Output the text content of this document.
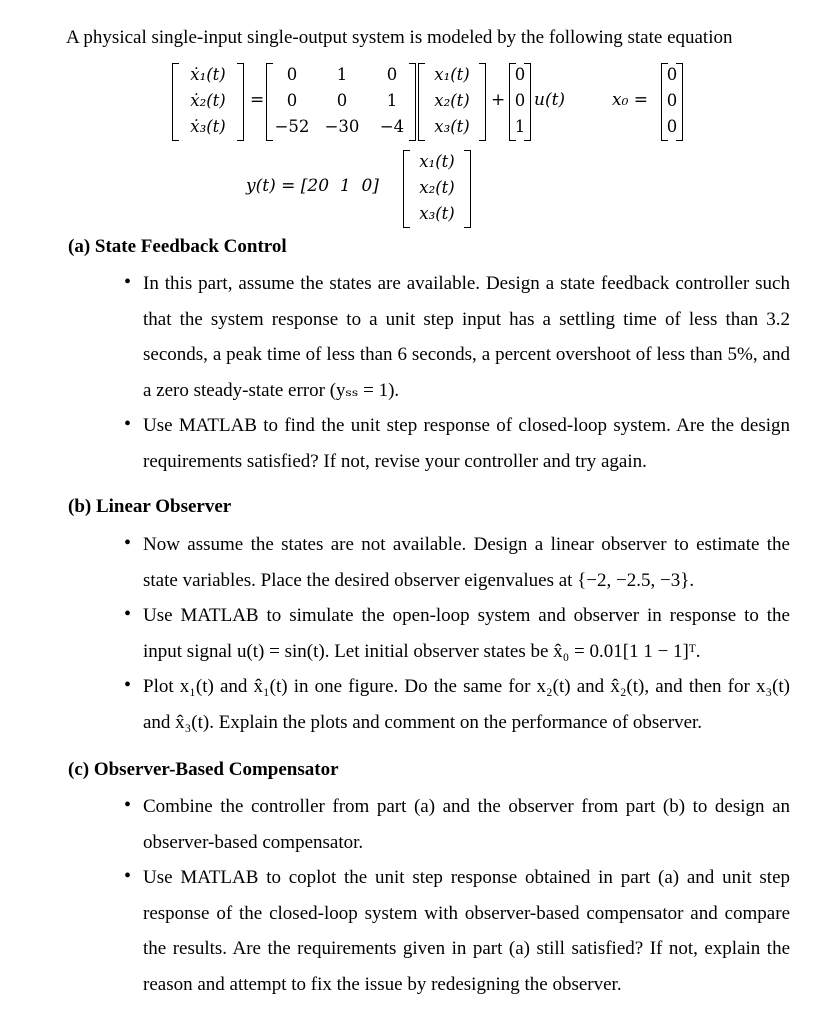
A physical single-input single-output system is modeled by the following state equation
ẋ₁(t)
ẋ₂(t)
ẋ₃(t)
=
0	1	0
0	0	1
−52 −30	−4
x₁(t)
x₂(t)
x₃(t)
+
0
0
1
u(t)	x₀ =
0
0
0
y(t) = [20  1  0]
x₁(t)
x₂(t)
x₃(t)
(a) State Feedback Control
• In this part, assume the states are available. Design a state feedback controller such that the system response to a unit step input has a settling time of less than 3.2 seconds, a peak time of less than 6 seconds, a percent overshoot of less than 5%, and a zero steady-state error (yₛₛ = 1).
• Use MATLAB to find the unit step response of closed-loop system. Are the design requirements satisfied? If not, revise your controller and try again.
(b) Linear Observer
• Now assume the states are not available. Design a linear observer to estimate the state variables. Place the desired observer eigenvalues at {−2, −2.5, −3}.
• Use MATLAB to simulate the open-loop system and observer in response to the input signal u(t) = sin(t). Let initial observer states be x̂₀ = 0.01[1 1 − 1]ᵀ.
• Plot x₁(t) and x̂₁(t) in one figure. Do the same for x₂(t) and x̂₂(t), and then for x₃(t) and x̂₃(t). Explain the plots and comment on the performance of observer.
(c) Observer-Based Compensator
• Combine the controller from part (a) and the observer from part (b) to design an observer-based compensator.
• Use MATLAB to coplot the unit step response obtained in part (a) and unit step response of the closed-loop system with observer-based compensator and compare the results. Are the requirements given in part (a) still satisfied? If not, explain the reason and attempt to fix the issue by redesigning the observer.
